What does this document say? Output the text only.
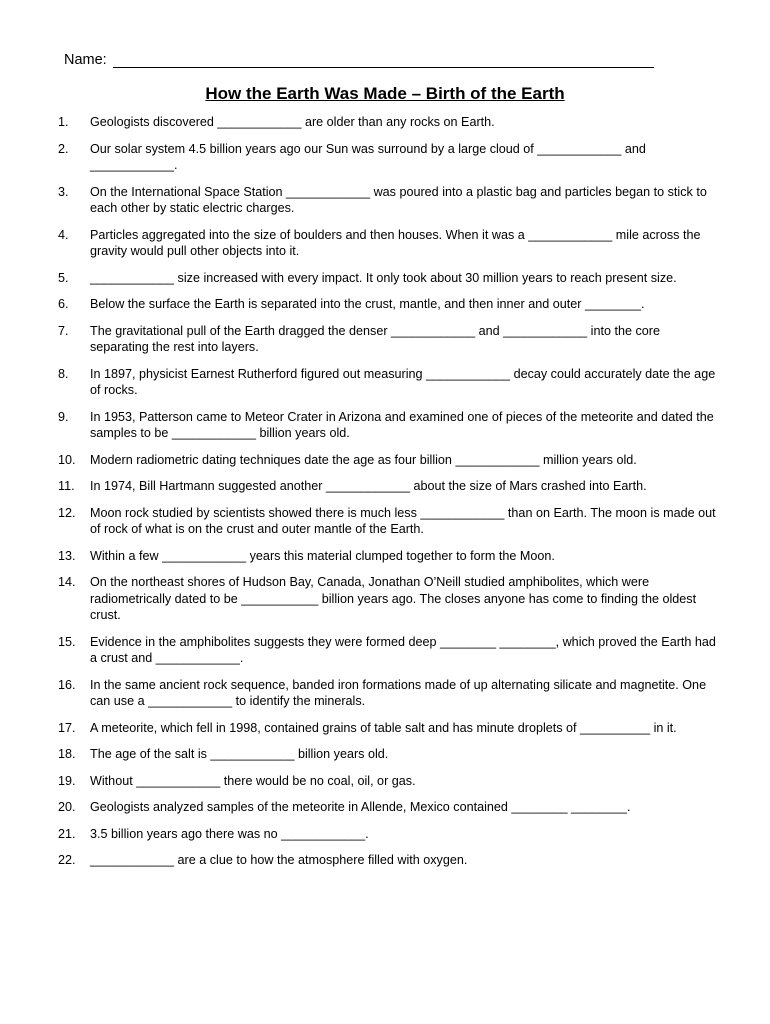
Name:
How the Earth Was Made – Birth of the Earth
1.	Geologists discovered ____________ are older than any rocks on Earth.
2.	Our solar system 4.5 billion years ago our Sun was surround by a large cloud of ____________ and ____________.
3.	On the International Space Station ____________ was poured into a plastic bag and particles began to stick to each other by static electric charges.
4.	Particles aggregated into the size of boulders and then houses. When it was a ____________ mile across the gravity would pull other objects into it.
5.	____________ size increased with every impact. It only took about 30 million years to reach present size.
6.	Below the surface the Earth is separated into the crust, mantle, and then inner and outer ________.
7.	The gravitational pull of the Earth dragged the denser ____________ and ____________ into the core separating the rest into layers.
8.	In 1897, physicist Earnest Rutherford figured out measuring ____________ decay could accurately date the age of rocks.
9.	In 1953, Patterson came to Meteor Crater in Arizona and examined one of pieces of the meteorite and dated the samples to be ____________ billion years old.
10.	Modern radiometric dating techniques date the age as four billion ____________ million years old.
11.	In 1974, Bill Hartmann suggested another ____________ about the size of Mars crashed into Earth.
12.	Moon rock studied by scientists showed there is much less ____________ than on Earth. The moon is made out of rock of what is on the crust and outer mantle of the Earth.
13.	Within a few ____________ years this material clumped together to form the Moon.
14.	On the northeast shores of Hudson Bay, Canada, Jonathan O’Neill studied amphibolites, which were radiometrically dated to be ___________ billion years ago. The closes anyone has come to finding the oldest crust.
15.	Evidence in the amphibolites suggests they were formed deep ________ ________, which proved the Earth had a crust and ____________.
16.	In the same ancient rock sequence, banded iron formations made of up alternating silicate and magnetite. One can use a ____________ to identify the minerals.
17.	A meteorite, which fell in 1998, contained grains of table salt and has minute droplets of __________ in it.
18.	The age of the salt is ____________ billion years old.
19.	Without ____________ there would be no coal, oil, or gas.
20.	Geologists analyzed samples of the meteorite in Allende, Mexico contained ________ ________.
21.	3.5 billion years ago there was no ____________.
22.	____________ are a clue to how the atmosphere filled with oxygen.
